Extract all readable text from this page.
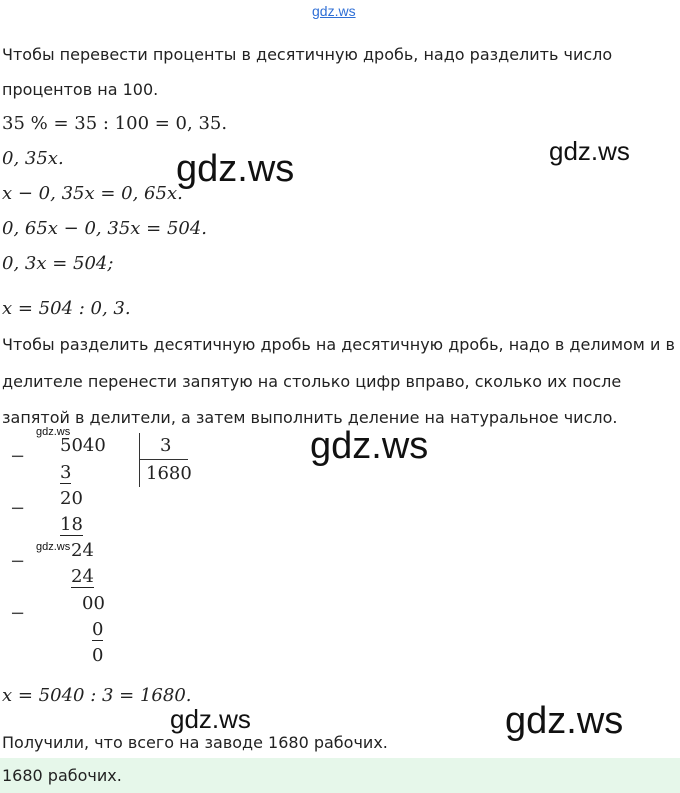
gdz.ws
Чтобы перевести проценты в десятичную дробь, надо разделить число
процентов на 100.
35 % = 35 : 100 = 0, 35.
0, 35x.
x − 0, 35x = 0, 65x.
0, 65x − 0, 35x = 504.
0, 3x = 504;
x = 504 : 0, 3.
Чтобы разделить десятичную дробь на десятичную дробь, надо в делимом и в
делителе перенести запятую на столько цифр вправо, сколько их после
запятой в делители, а затем выполнить деление на натуральное число.
−
−
−
−
5040	3
1680
3
20
18
24
24
00
0
0
x = 5040 : 3 = 1680.
Получили, что всего на заводе 1680 рабочих.
1680 рабочих.
gdz.ws	gdz.ws
gdz.ws
gdz.ws
gdz.ws
gdz.ws	gdz.ws
